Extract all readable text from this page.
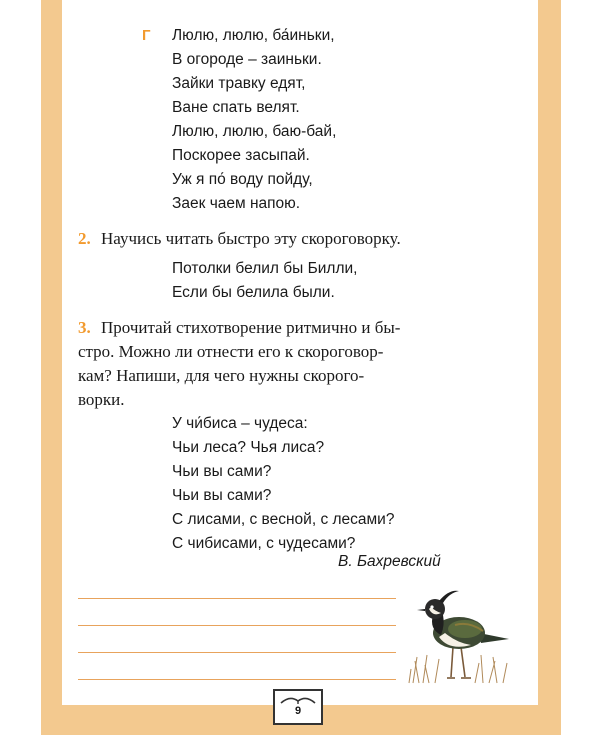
Г Люлю, люлю, ба́иньки,
В огороде – заиньки.
Зайки травку едят,
Ване спать велят.
Люлю, люлю, баю-бай,
Поскорее засыпай.
Уж я по́ воду пойду,
Заек чаем напою.
2. Научись читать быстро эту скороговорку.
Потолки белил бы Билли,
Если бы белила были.
3. Прочитай стихотворение ритмично и бы-
стро. Можно ли отнести его к скороговор-
кам? Напиши, для чего нужны скорого-
ворки.
У чи́биса – чудеса:
Чьи леса? Чья лиса?
Чьи вы сами?
Чьи вы сами?
С лисами, с весной, с лесами?
С чибисами, с чудесами?
В. Бахревский
9
